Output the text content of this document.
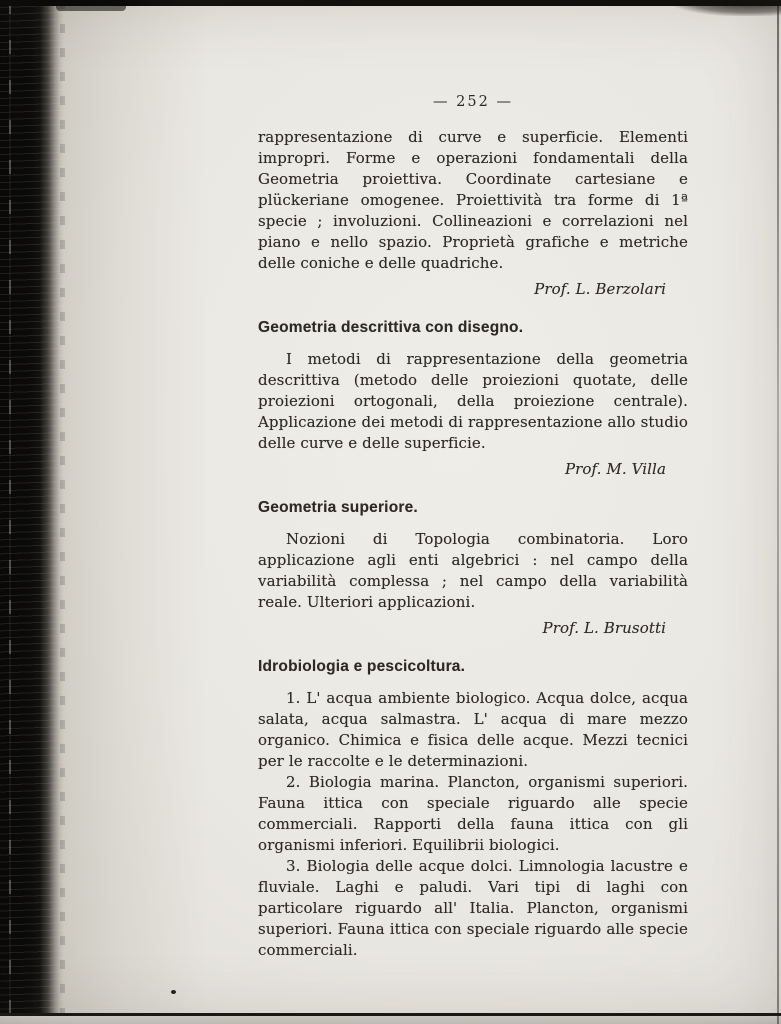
— 252 —

rappresentazione di curve e superficie. Elementi impropri. Forme e operazioni fondamentali della Geometria proiettiva. Coordinate cartesiane e plückeriane omogenee. Proiettività tra forme di 1ª specie ; involuzioni. Collineazioni e correlazioni nel piano e nello spazio. Proprietà grafiche e metriche delle coniche e delle quadriche.

Prof. L. Berzolari

Geometria descrittiva con disegno.

I metodi di rappresentazione della geometria descrittiva (metodo delle proiezioni quotate, delle proiezioni ortogonali, della proiezione centrale). Applicazione dei metodi di rappresentazione allo studio delle curve e delle superficie.

Prof. M. Villa

Geometria superiore.

Nozioni di Topologia combinatoria. Loro applicazione agli enti algebrici : nel campo della variabilità complessa ; nel campo della variabilità reale. Ulteriori applicazioni.

Prof. L. Brusotti

Idrobiologia e pescicoltura.

1. L' acqua ambiente biologico. Acqua dolce, acqua salata, acqua salmastra. L' acqua di mare mezzo organico. Chimica e fisica delle acque. Mezzi tecnici per le raccolte e le determinazioni.

2. Biologia marina. Plancton, organismi superiori. Fauna ittica con speciale riguardo alle specie commerciali. Rapporti della fauna ittica con gli organismi inferiori. Equilibrii biologici.

3. Biologia delle acque dolci. Limnologia lacustre e fluviale. Laghi e paludi. Vari tipi di laghi con particolare riguardo all' Italia. Plancton, organismi superiori. Fauna ittica con speciale riguardo alle specie commerciali.
